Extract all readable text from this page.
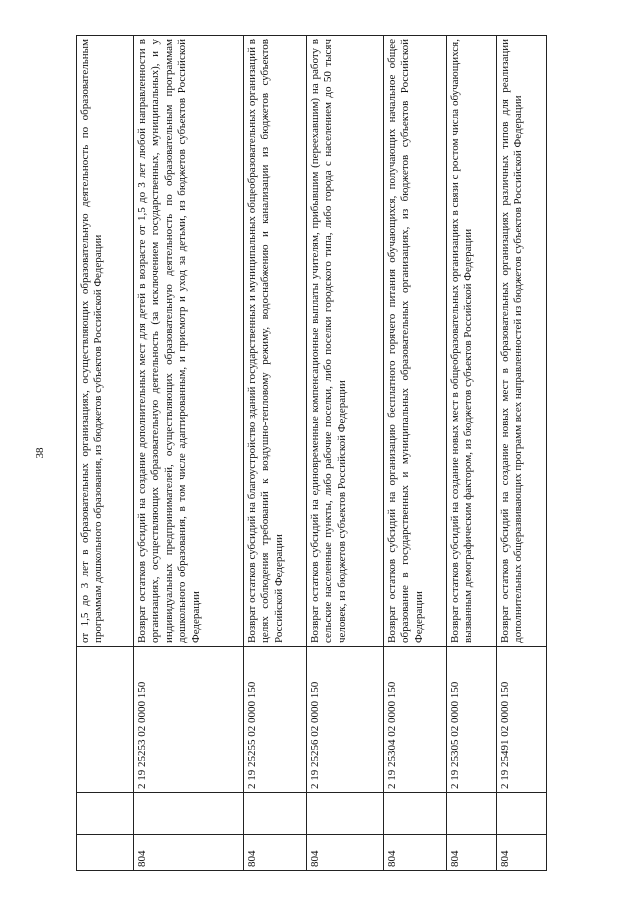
38
				от 1,5 до 3 лет в образовательных организациях, осуществляющих образовательную деятельность по образовательным программам дошкольного образования, из бюджетов субъектов Российской Федерации
804		2 19 25253 02 0000 150	Возврат остатков субсидий на создание дополнительных мест для детей в возрасте от 1,5 до 3 лет любой направленности в организациях, осуществляющих образовательную деятельность (за исключением государственных, муниципальных), и у индивидуальных предпринимателей, осуществляющих образовательную деятельность по образовательным программам дошкольного образования, в том числе адаптированным, и присмотр и уход за детьми, из бюджетов субъектов Российской Федерации
804		2 19 25255 02 0000 150	Возврат остатков субсидий на благоустройство зданий государственных и муниципальных общеобразовательных организаций в целях соблюдения требований к воздушно-тепловому режиму, водоснабжению и канализации из бюджетов субъектов Российской Федерации
804		2 19 25256 02 0000 150	Возврат остатков субсидий на единовременные компенсационные выплаты учителям, прибывшим (переехавшим) на работу в сельские населенные пункты, либо рабочие поселки, либо поселки городского типа, либо города с населением до 50 тысяч человек, из бюджетов субъектов Российской Федерации
804		2 19 25304 02 0000 150	Возврат остатков субсидий на организацию бесплатного горячего питания обучающихся, получающих начальное общее образование в государственных и муниципальных образовательных организациях, из бюджетов субъектов Российской Федерации
804		2 19 25305 02 0000 150	Возврат остатков субсидий на создание новых мест в общеобразовательных организациях в связи с ростом числа обучающихся, вызванным демографическим фактором, из бюджетов субъектов Российской Федерации
804		2 19 25491 02 0000 150	Возврат остатков субсидий на создание новых мест в образовательных организациях различных типов для реализации дополнительных общеразвивающих программ всех направленностей из бюджетов субъектов Российской Федерации
